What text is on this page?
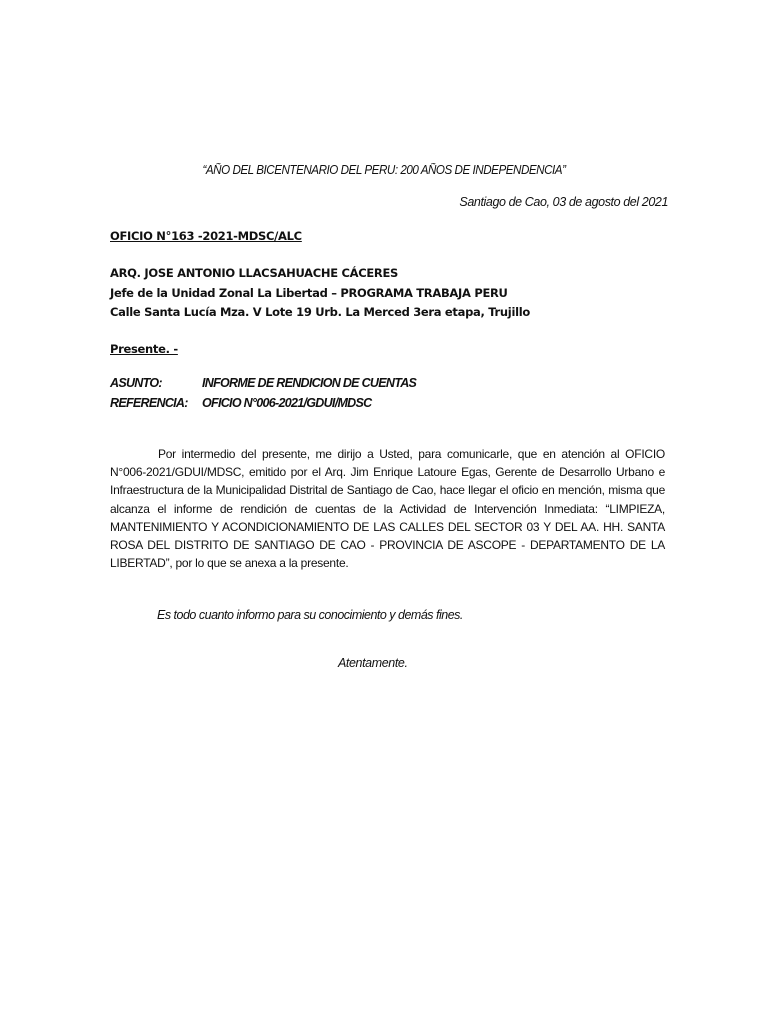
“AÑO DEL BICENTENARIO DEL PERU: 200 AÑOS DE INDEPENDENCIA”
Santiago de Cao, 03 de agosto del 2021
OFICIO N°163 -2021-MDSC/ALC
ARQ. JOSE ANTONIO LLACSAHUACHE CÁCERES
Jefe de la Unidad Zonal La Libertad – PROGRAMA TRABAJA PERU
Calle Santa Lucía Mza. V Lote 19 Urb. La Merced 3era etapa, Trujillo
Presente. -
ASUNTO:	INFORME DE RENDICION DE CUENTAS
REFERENCIA: OFICIO N°006-2021/GDUI/MDSC

Por intermedio del presente, me dirijo a Usted, para comunicarle, que en atención al OFICIO N°006-2021/GDUI/MDSC, emitido por el Arq. Jim Enrique Latoure Egas, Gerente de Desarrollo Urbano e Infraestructura de la Municipalidad Distrital de Santiago de Cao, hace llegar el oficio en mención, misma que alcanza el informe de rendición de cuentas de la Actividad de Intervención Inmediata: “LIMPIEZA, MANTENIMIENTO Y ACONDICIONAMIENTO DE LAS CALLES DEL SECTOR 03 Y DEL AA. HH. SANTA ROSA DEL DISTRITO DE SANTIAGO DE CAO - PROVINCIA DE ASCOPE - DEPARTAMENTO DE LA LIBERTAD”, por lo que se anexa a la presente.

Es todo cuanto informo para su conocimiento y demás fines.
Atentamente.
